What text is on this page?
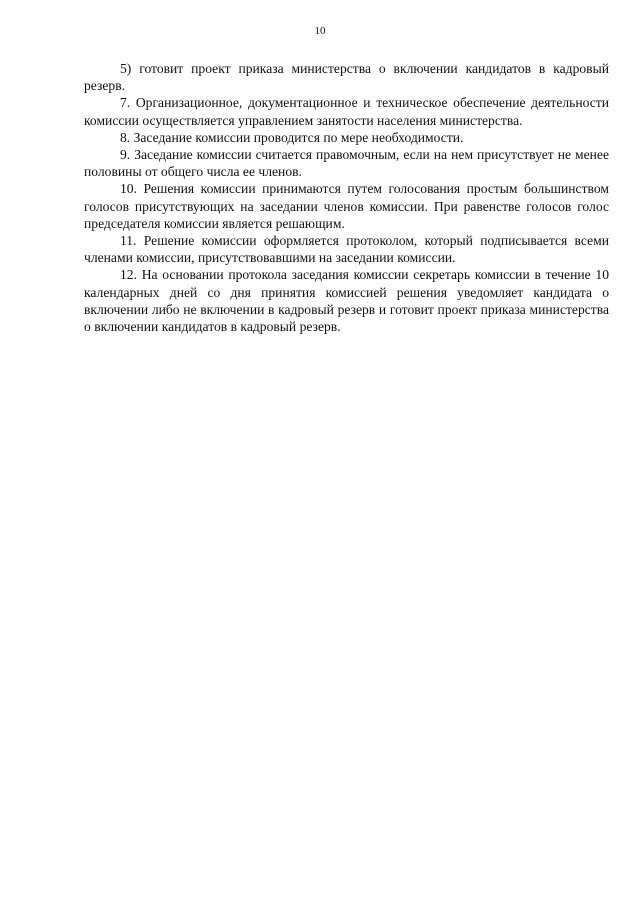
10

5) готовит проект приказа министерства о включении кандидатов в кадровый резерв.

7. Организационное, документационное и техническое обеспечение деятельности комиссии осуществляется управлением занятости населения министерства.

8. Заседание комиссии проводится по мере необходимости.

9. Заседание комиссии считается правомочным, если на нем присутствует не менее половины от общего числа ее членов.

10. Решения комиссии принимаются путем голосования простым большинством голосов присутствующих на заседании членов комиссии. При равенстве голосов голос председателя комиссии является решающим.

11. Решение комиссии оформляется протоколом, который подписывается всеми членами комиссии, присутствовавшими на заседании комиссии.

12. На основании протокола заседания комиссии секретарь комиссии в течение 10 календарных дней со дня принятия комиссией решения уведомляет кандидата о включении либо не включении в кадровый резерв и готовит проект приказа министерства о включении кандидатов в кадровый резерв.
